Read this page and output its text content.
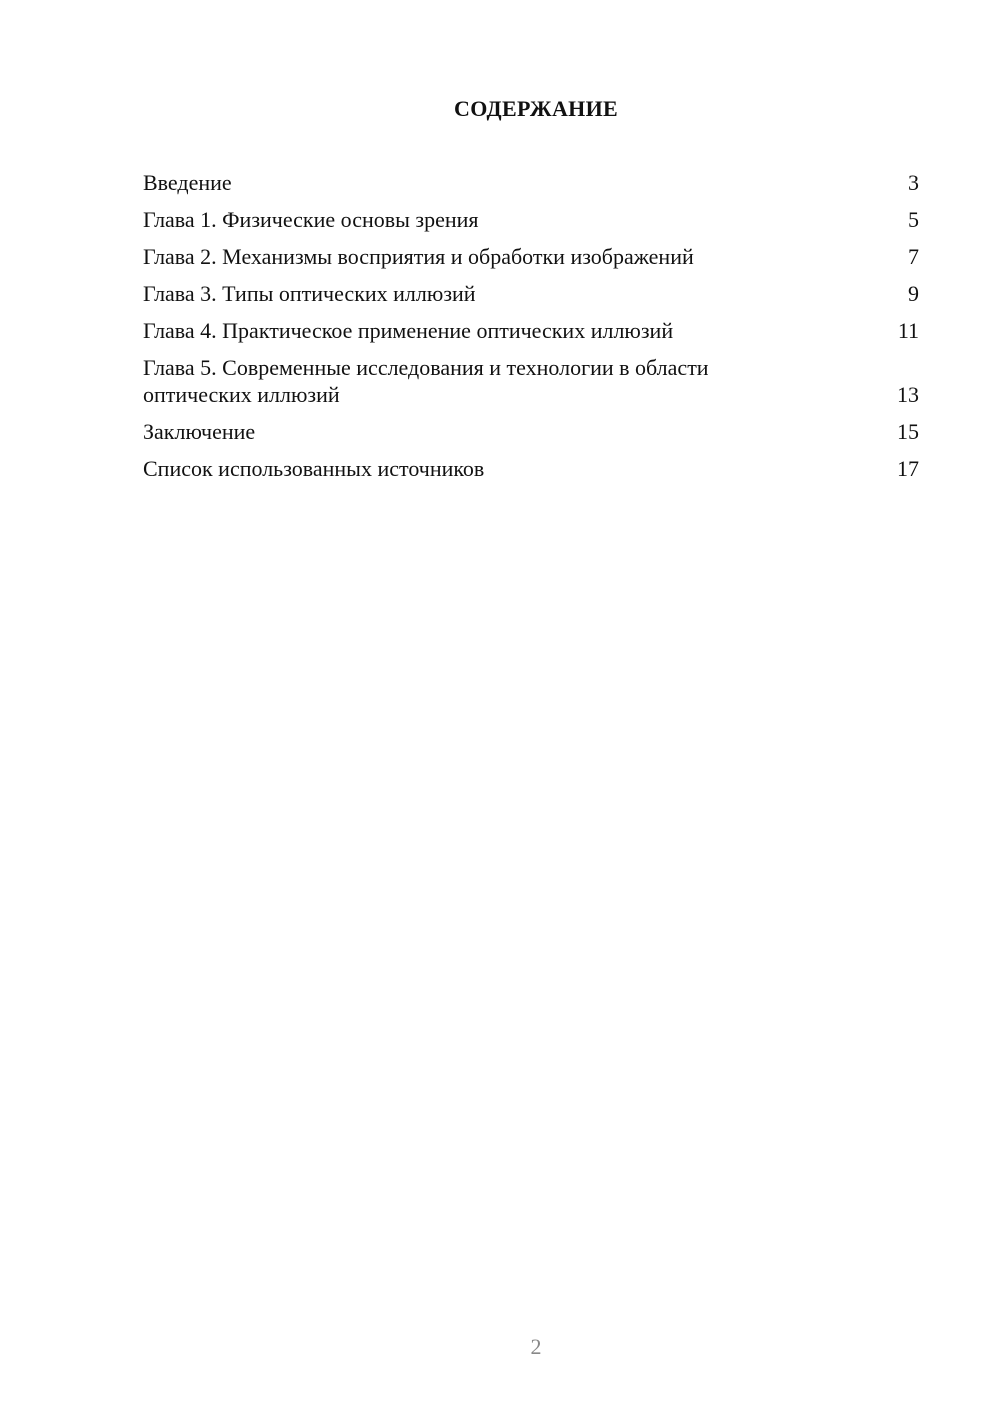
СОДЕРЖАНИЕ
Введение	3
Глава 1. Физические основы зрения	5
Глава 2. Механизмы восприятия и обработки изображений	7
Глава 3. Типы оптических иллюзий	9
Глава 4. Практическое применение оптических иллюзий	11
Глава 5. Современные исследования и технологии в области оптических иллюзий	13
Заключение	15
Список использованных источников	17
2
